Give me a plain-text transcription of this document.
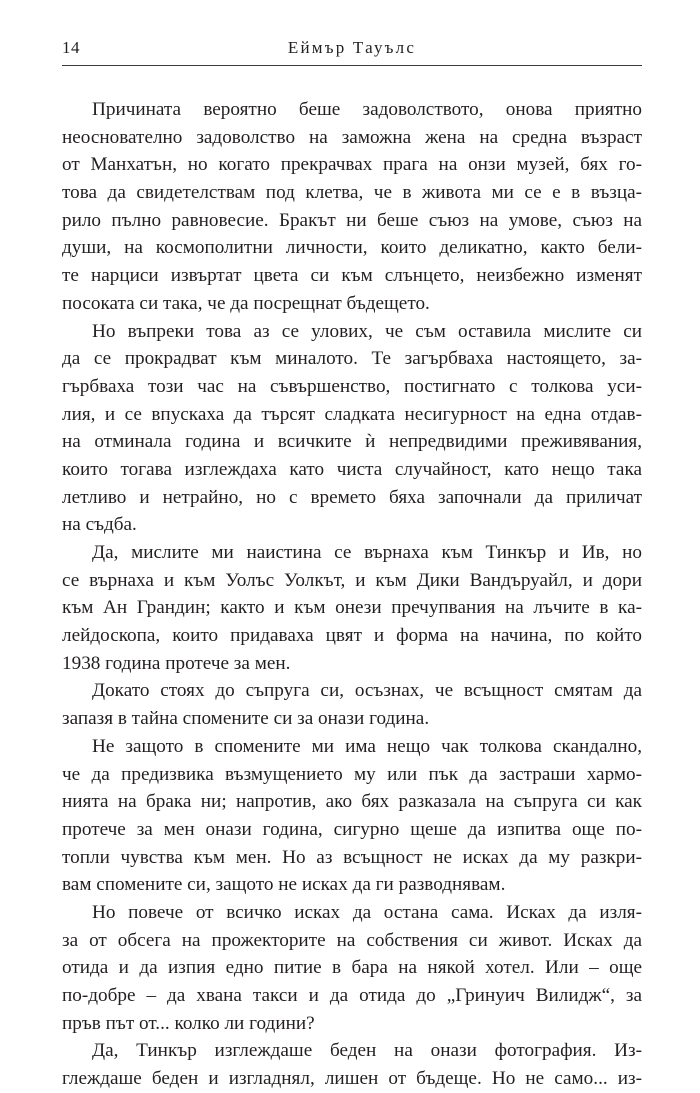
14	Еймър Тауълс
Причината вероятно беше задоволството, онова приятно
неоснователно задоволство на заможна жена на средна възраст
от Манхатън, но когато прекрачвах прага на онзи музей, бях го-
това да свидетелствам под клетва, че в живота ми се е в възца-
рило пълно равновесие. Бракът ни беше съюз на умове, съюз на
души, на космополитни личности, които деликатно, както бели-
те нарциси извъртат цвета си към слънцето, неизбежно изменят
посоката си така, че да посрещнат бъдещето.
Но въпреки това аз се улових, че съм оставила мислите си
да се прокрадват към миналото. Те загърбваха настоящето, за-
гърбваха този час на съвършенство, постигнато с толкова уси-
лия, и се впускаха да търсят сладката несигурност на една отдав-
на отминала година и всичките ѝ непредвидими преживявания,
които тогава изглеждаха като чиста случайност, като нещо така
летливо и нетрайно, но с времето бяха започнали да приличат
на съдба.
Да, мислите ми наистина се върнаха към Тинкър и Ив, но
се върнаха и към Уолъс Уолкът, и към Дики Вандъруайл, и дори
към Ан Грандин; както и към онези пречупвания на лъчите в ка-
лейдоскопа, които придаваха цвят и форма на начина, по който
1938 година протече за мен.
Докато стоях до съпруга си, осъзнах, че всъщност смятам да
запазя в тайна спомените си за онази година.
Не защото в спомените ми има нещо чак толкова скандално,
че да предизвика възмущението му или пък да застраши хармо-
нията на брака ни; напротив, ако бях разказала на съпруга си как
протече за мен онази година, сигурно щеше да изпитва още по-
топли чувства към мен. Но аз всъщност не исках да му разкри-
вам спомените си, защото не исках да ги разводнявам.
Но повече от всичко исках да остана сама. Исках да изля-
за от обсега на прожекторите на собствения си живот. Исках да
отида и да изпия едно питие в бара на някой хотел. Или – още
по-добре – да хвана такси и да отида до „Гринуич Вилидж“, за
пръв път от... колко ли години?
Да, Тинкър изглеждаше беден на онази фотография. Из-
глеждаше беден и изгладнял, лишен от бъдеще. Но не само... из-
